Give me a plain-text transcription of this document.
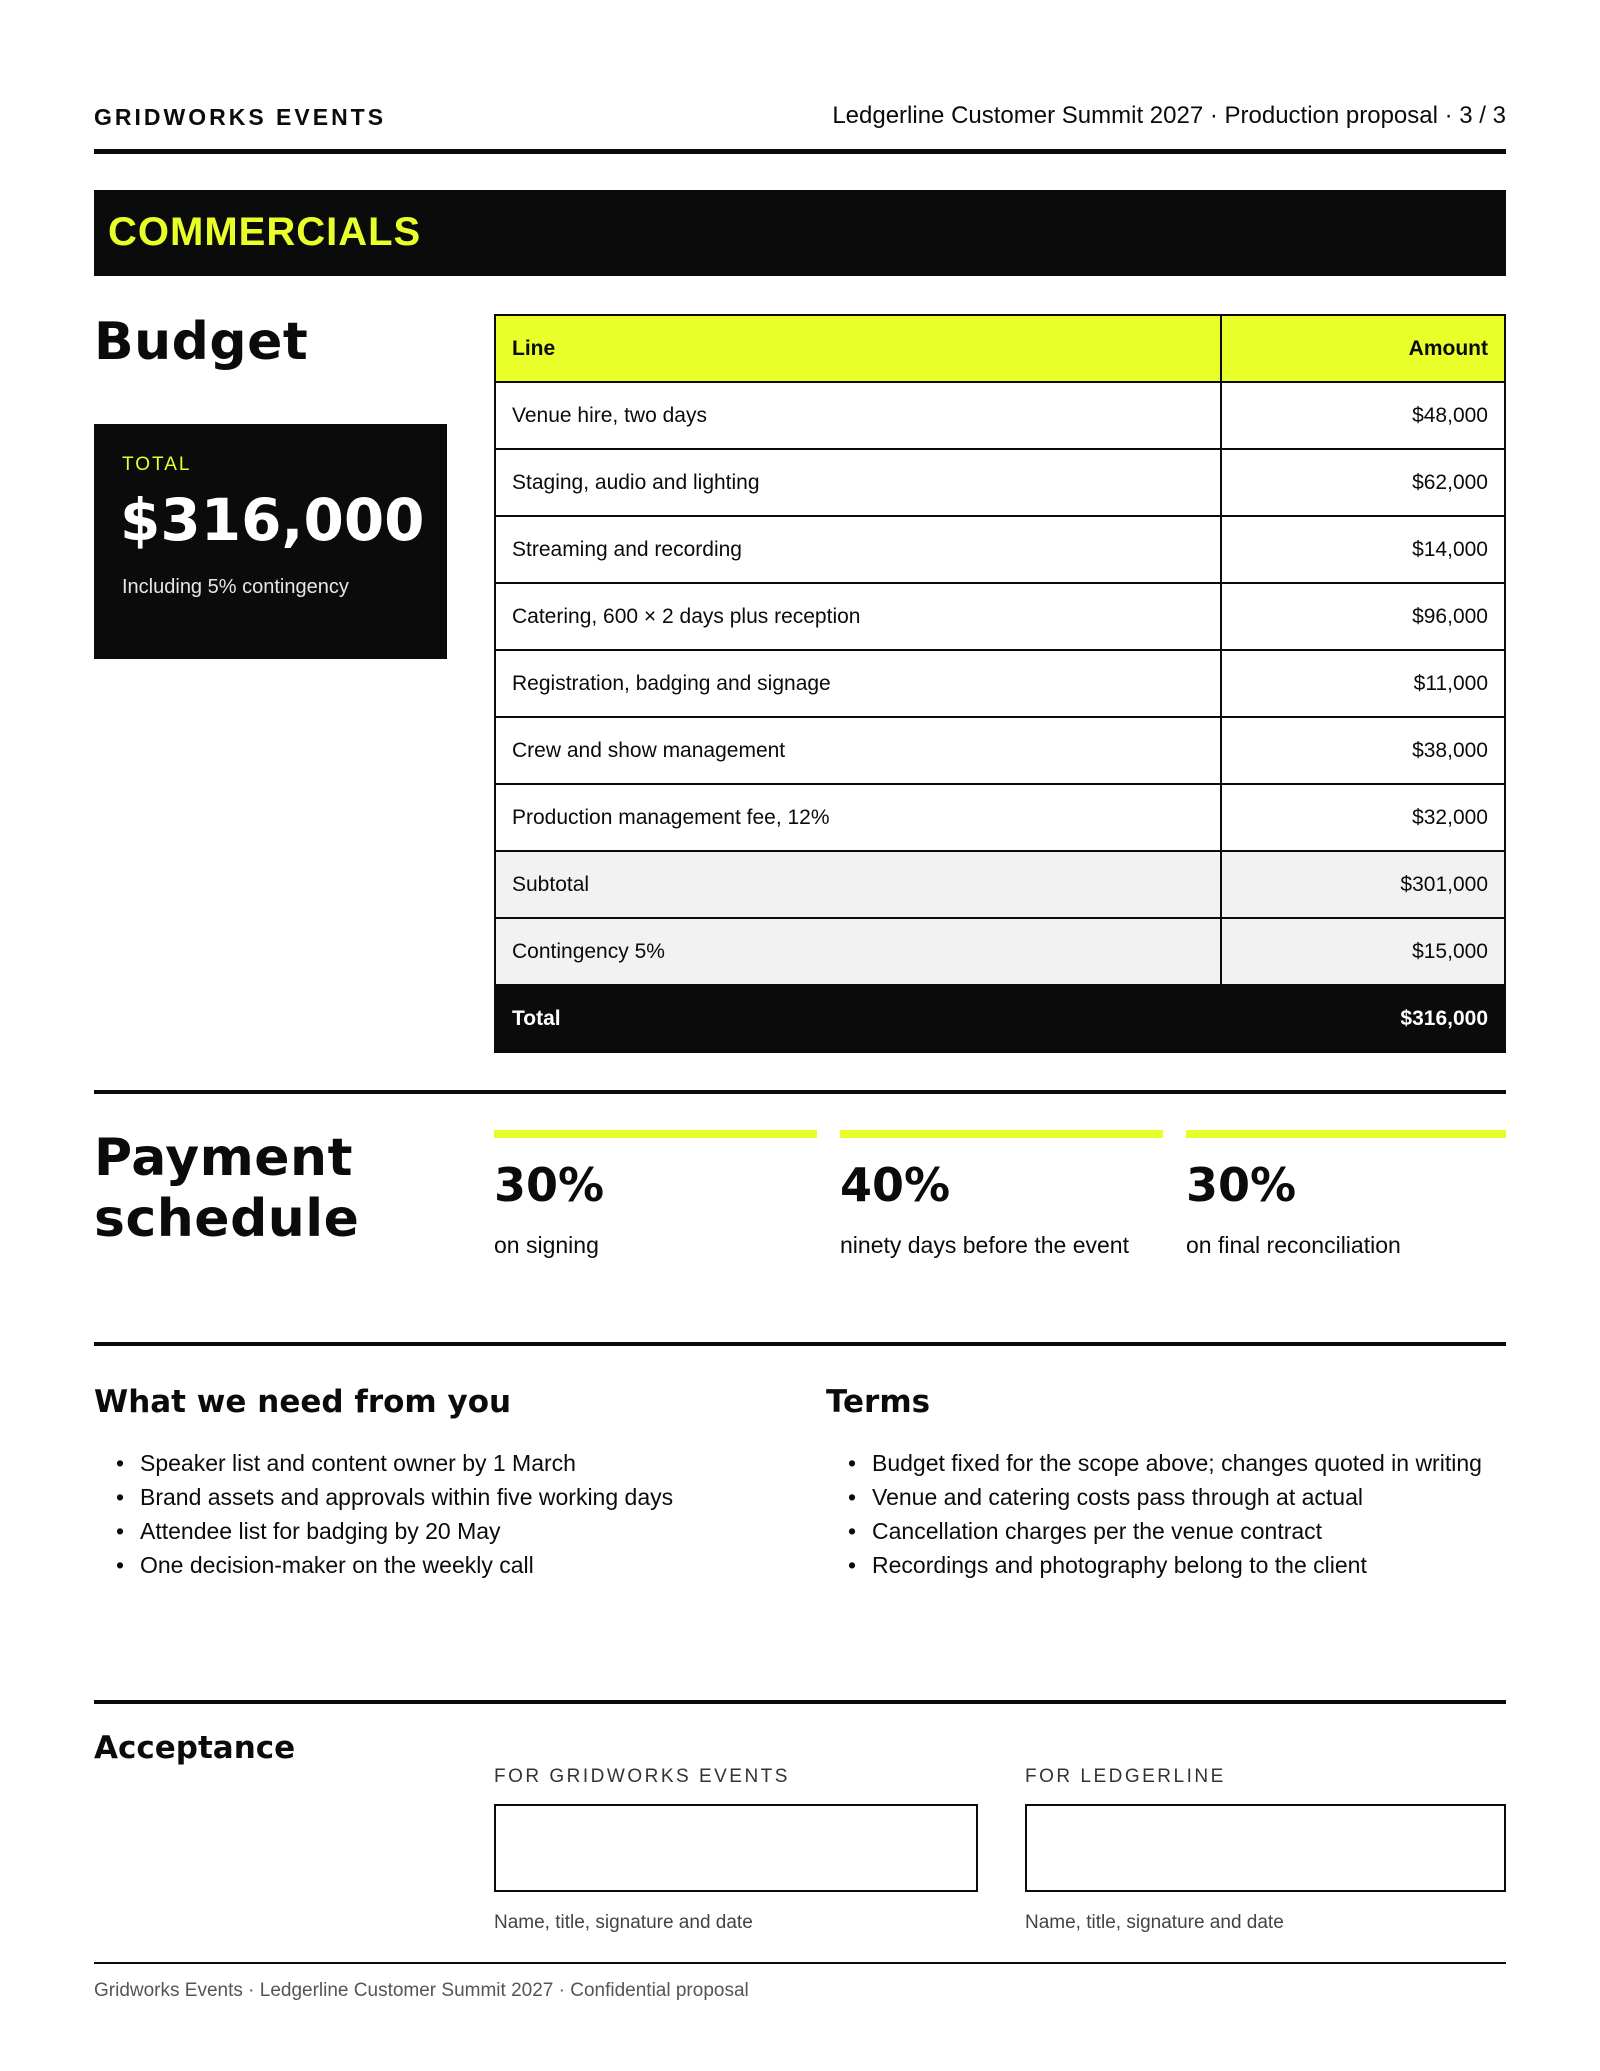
GRIDWORKS EVENTS	Ledgerline Customer Summit 2027 · Production proposal · 3 / 3
COMMERCIALS
Budget
TOTAL
$316,000
Including 5% contingency
Line	Amount
Venue hire, two days	$48,000
Staging, audio and lighting	$62,000
Streaming and recording	$14,000
Catering, 600 × 2 days plus reception	$96,000
Registration, badging and signage	$11,000
Crew and show management	$38,000
Production management fee, 12%	$32,000
Subtotal	$301,000
Contingency 5%	$15,000
Total	$316,000
Payment
schedule
30%
on signing
40%
ninety days before the event
30%
on final reconciliation
What we need from you
• Speaker list and content owner by 1 March
• Brand assets and approvals within five working days
• Attendee list for badging by 20 May
• One decision-maker on the weekly call
Terms
• Budget fixed for the scope above; changes quoted in writing
• Venue and catering costs pass through at actual
• Cancellation charges per the venue contract
• Recordings and photography belong to the client
Acceptance
FOR GRIDWORKS EVENTS
Name, title, signature and date
FOR LEDGERLINE
Name, title, signature and date
Gridworks Events · Ledgerline Customer Summit 2027 · Confidential proposal
